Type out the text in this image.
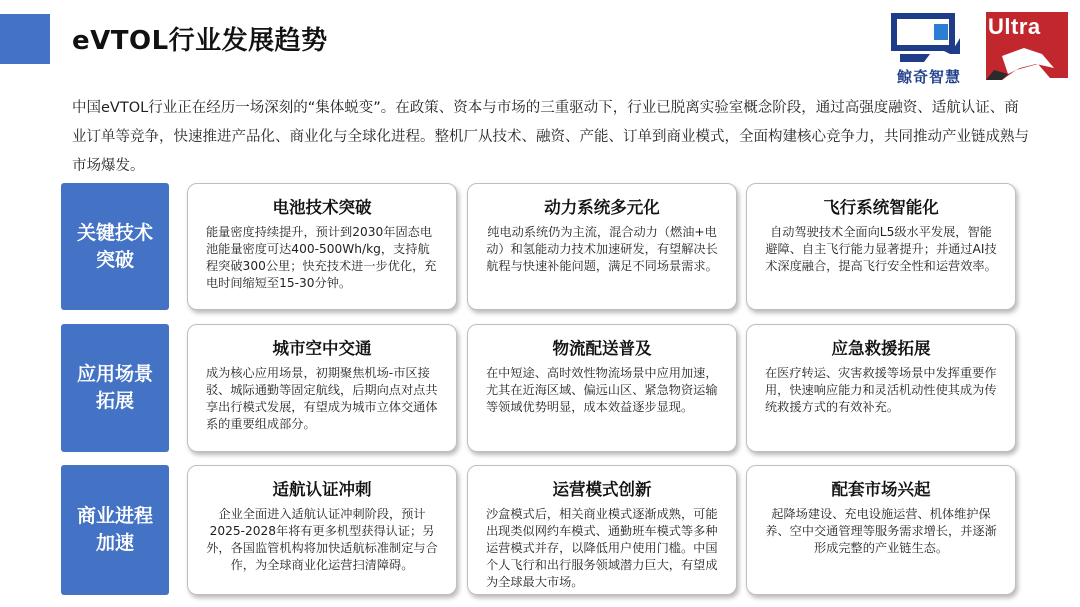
eVTOL行业发展趋势
鲸奇智慧
Ultra
中国eVTOL行业正在经历一场深刻的“集体蜕变”。在政策、资本与市场的三重驱动下，行业已脱离实验室概念阶段，通过高强度融资、适航认证、商业订单等竞争，快速推进产品化、商业化与全球化进程。整机厂从技术、融资、产能、订单到商业模式，全面构建核心竞争力，共同推动产业链成熟与市场爆发。
关键技术突破
电池技术突破
能量密度持续提升，预计到2030年固态电池能量密度可达400-500Wh/kg，支持航程突破300公里；快充技术进一步优化，充电时间缩短至15-30分钟。
动力系统多元化
纯电动系统仍为主流，混合动力（燃油+电动）和氢能动力技术加速研发，有望解决长航程与快速补能问题，满足不同场景需求。
飞行系统智能化
自动驾驶技术全面向L5级水平发展，智能避障、自主飞行能力显著提升；并通过AI技术深度融合，提高飞行安全性和运营效率。
应用场景拓展
城市空中交通
成为核心应用场景，初期聚焦机场-市区接驳、城际通勤等固定航线，后期向点对点共享出行模式发展，有望成为城市立体交通体系的重要组成部分。
物流配送普及
在中短途、高时效性物流场景中应用加速，尤其在近海区域、偏远山区、紧急物资运输等领域优势明显，成本效益逐步显现。
应急救援拓展
在医疗转运、灾害救援等场景中发挥重要作用，快速响应能力和灵活机动性使其成为传统救援方式的有效补充。
商业进程加速
适航认证冲刺
企业全面进入适航认证冲刺阶段，预计2025-2028年将有更多机型获得认证；另外，各国监管机构将加快适航标准制定与合作，为全球商业化运营扫清障碍。
运营模式创新
沙盒模式后，相关商业模式逐渐成熟，可能出现类似网约车模式、通勤班车模式等多种运营模式并存，以降低用户使用门槛。中国个人飞行和出行服务领域潜力巨大，有望成为全球最大市场。
配套市场兴起
起降场建设、充电设施运营、机体维护保养、空中交通管理等服务需求增长，并逐渐形成完整的产业链生态。
